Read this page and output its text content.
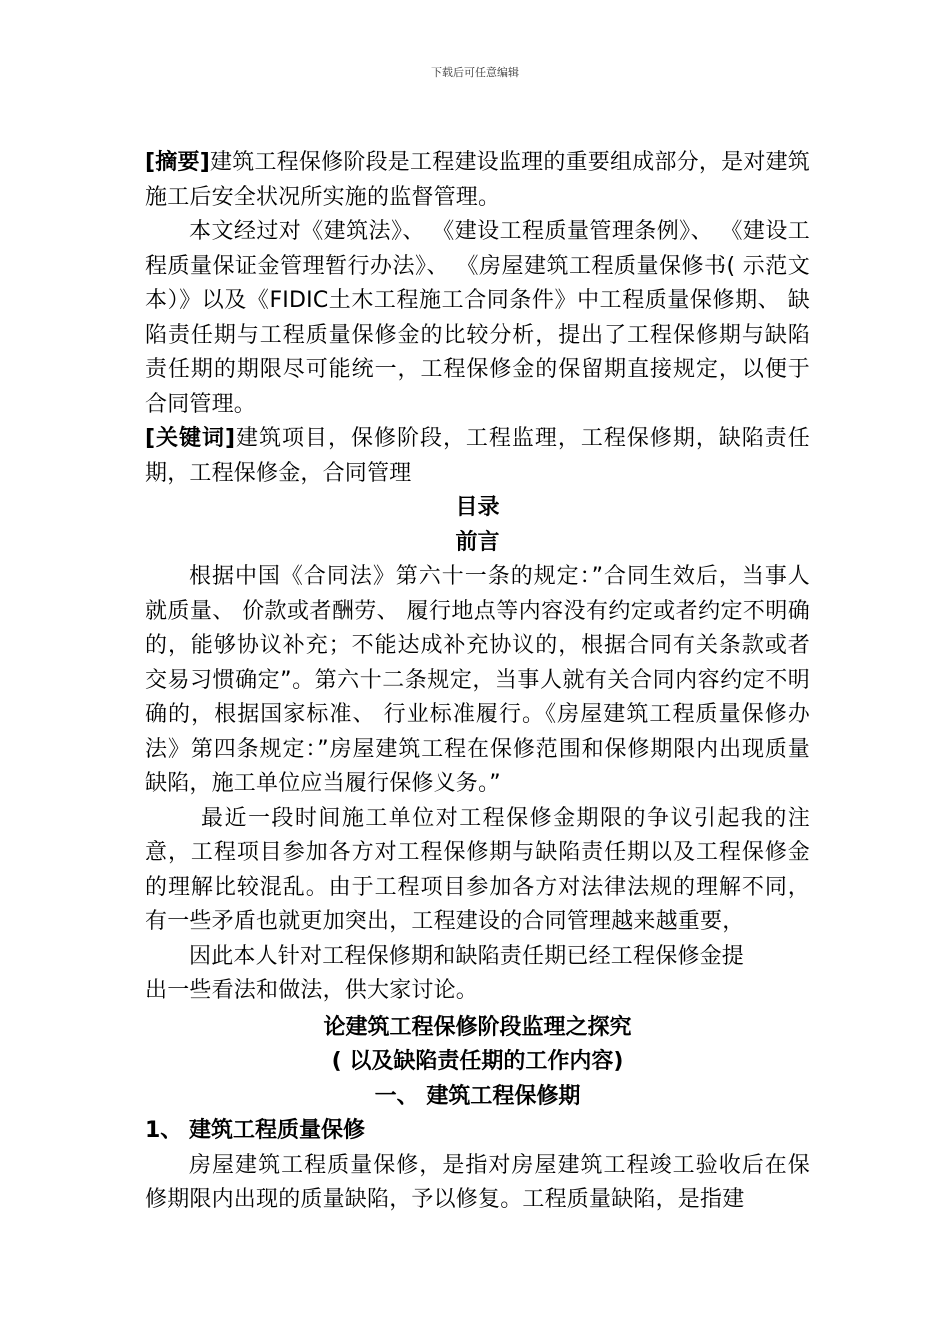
下载后可任意编辑

[摘要]建筑工程保修阶段是工程建设监理的重要组成部分，是对建筑施工后安全状况所实施的监督管理。

本文经过对《建筑法》、 《建设工程质量管理条例》、 《建设工程质量保证金管理暂行办法》、 《房屋建筑工程质量保修书( 示范文本）》以及《FIDIC土木工程施工合同条件》中工程质量保修期、 缺陷责任期与工程质量保修金的比较分析，提出了工程保修期与缺陷责任期的期限尽可能统一，工程保修金的保留期直接规定，以便于合同管理。

[关键词]建筑项目，保修阶段，工程监理，工程保修期，缺陷责任期，工程保修金，合同管理

目录

前言

根据中国《合同法》第六十一条的规定：”合同生效后，当事人就质量、 价款或者酬劳、 履行地点等内容没有约定或者约定不明确的，能够协议补充；不能达成补充协议的，根据合同有关条款或者交易习惯确定”。第六十二条规定，当事人就有关合同内容约定不明确的，根据国家标准、 行业标准履行。《房屋建筑工程质量保修办法》第四条规定：”房屋建筑工程在保修范围和保修期限内出现质量缺陷，施工单位应当履行保修义务。”

最近一段时间施工单位对工程保修金期限的争议引起我的注意，工程项目参加各方对工程保修期与缺陷责任期以及工程保修金的理解比较混乱。由于工程项目参加各方对法律法规的理解不同，有一些矛盾也就更加突出，工程建设的合同管理越来越重要，

因此本人针对工程保修期和缺陷责任期已经工程保修金提

出一些看法和做法，供大家讨论。

论建筑工程保修阶段监理之探究

( 以及缺陷责任期的工作内容)

一、 建筑工程保修期

1、 建筑工程质量保修

房屋建筑工程质量保修，是指对房屋建筑工程竣工验收后在保修期限内出现的质量缺陷，予以修复。工程质量缺陷，是指建
